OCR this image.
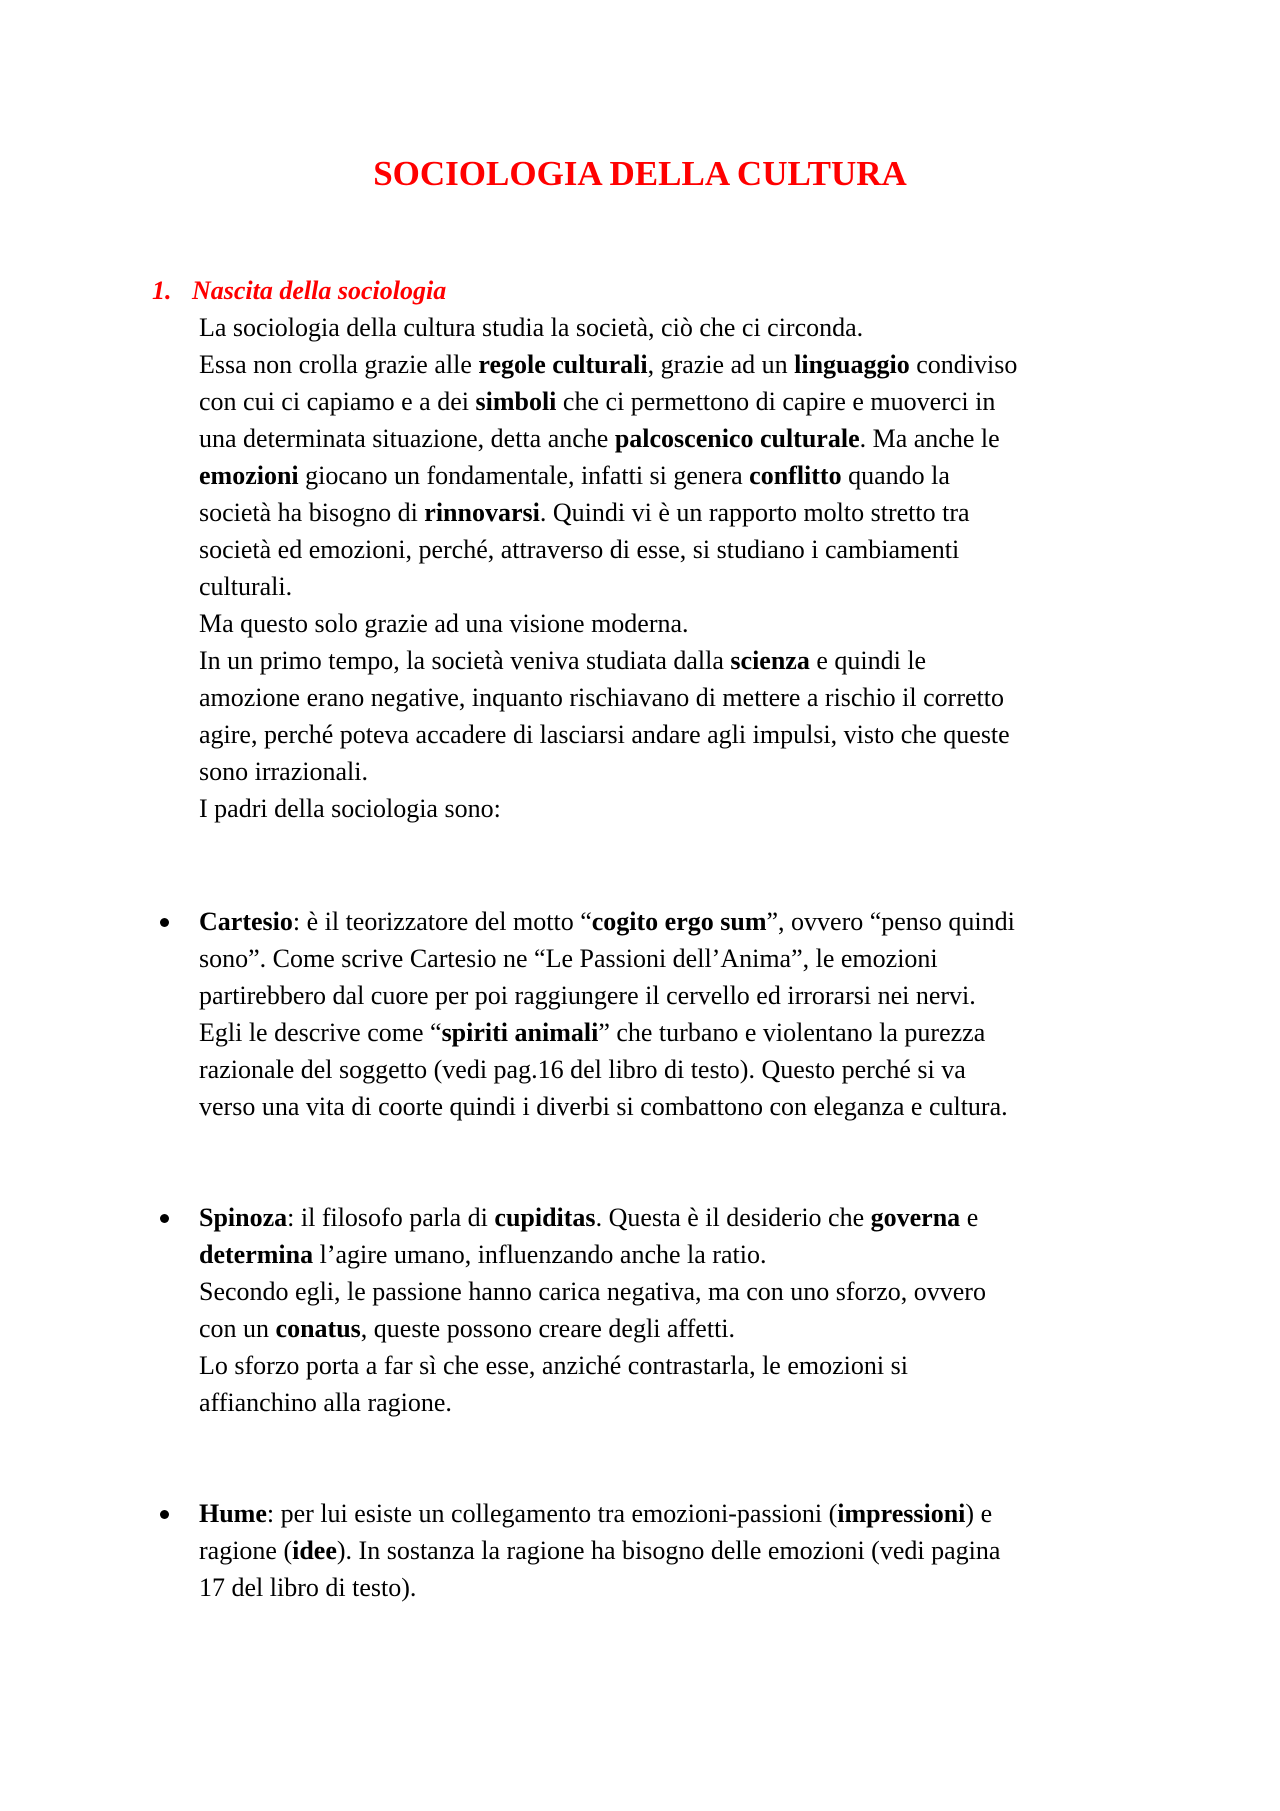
SOCIOLOGIA DELLA CULTURA
1. Nascita della sociologia
La sociologia della cultura studia la società, ciò che ci circonda.
Essa non crolla grazie alle regole culturali, grazie ad un linguaggio condiviso
con cui ci capiamo e a dei simboli che ci permettono di capire e muoverci in
una determinata situazione, detta anche palcoscenico culturale. Ma anche le
emozioni giocano un fondamentale, infatti si genera conflitto quando la
società ha bisogno di rinnovarsi. Quindi vi è un rapporto molto stretto tra
società ed emozioni, perché, attraverso di esse, si studiano i cambiamenti
culturali.
Ma questo solo grazie ad una visione moderna.
In un primo tempo, la società veniva studiata dalla scienza e quindi le
amozione erano negative, inquanto rischiavano di mettere a rischio il corretto
agire, perché poteva accadere di lasciarsi andare agli impulsi, visto che queste
sono irrazionali.
I padri della sociologia sono:
Cartesio: è il teorizzatore del motto “cogito ergo sum”, ovvero “penso quindi
sono”. Come scrive Cartesio ne “Le Passioni dell’Anima”, le emozioni
partirebbero dal cuore per poi raggiungere il cervello ed irrorarsi nei nervi.
Egli le descrive come “spiriti animali” che turbano e violentano la purezza
razionale del soggetto (vedi pag.16 del libro di testo). Questo perché si va
verso una vita di coorte quindi i diverbi si combattono con eleganza e cultura.
Spinoza: il filosofo parla di cupiditas. Questa è il desiderio che governa e
determina l’agire umano, influenzando anche la ratio.
Secondo egli, le passione hanno carica negativa, ma con uno sforzo, ovvero
con un conatus, queste possono creare degli affetti.
Lo sforzo porta a far sì che esse, anziché contrastarla, le emozioni si
affianchino alla ragione.
Hume: per lui esiste un collegamento tra emozioni-passioni (impressioni) e
ragione (idee). In sostanza la ragione ha bisogno delle emozioni (vedi pagina
17 del libro di testo).
